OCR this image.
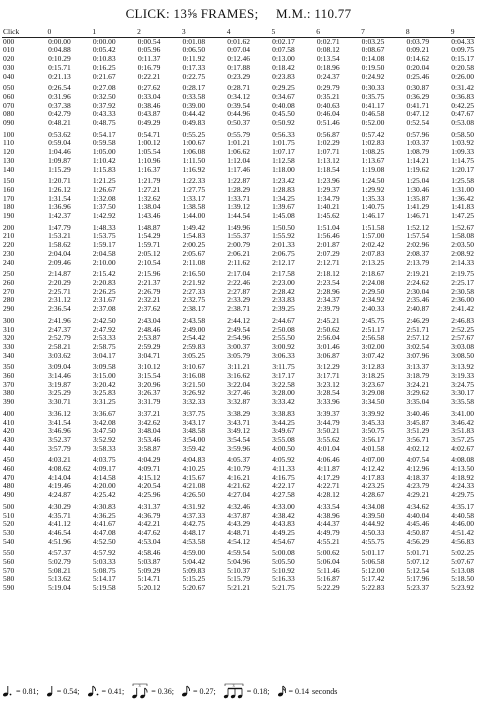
CLICK: 13⅝ FRAMES; M.M.: 110.77
Click	0	1	2	3	4	5	6	7	8	9
000	0:00.00	0:00.00	0:00.54	0:01.08	0:01.62	0:02.17	0:02.71	0:03.25	0:03.79	0:04.33
010	0:04.88	0:05.42	0:05.96	0:06.50	0:07.04	0:07.58	0:08.12	0:08.67	0:09.21	0:09.75
020	0:10.29	0:10.83	0:11.37	0:11.92	0:12.46	0:13.00	0:13.54	0:14.08	0:14.62	0:15.17
030	0:15.71	0:16.25	0:16.79	0:17.33	0:17.88	0:18.42	0:18.96	0:19.50	0:20.04	0:20.58
040	0:21.13	0:21.67	0:22.21	0:22.75	0:23.29	0:23.83	0:24.37	0:24.92	0:25.46	0:26.00
050	0:26.54	0:27.08	0:27.62	0:28.17	0:28.71	0:29.25	0:29.79	0:30.33	0:30.87	0:31.42
060	0:31.96	0:32.50	0:33.04	0:33.58	0:34.12	0:34.67	0:35.21	0:35.75	0:36.29	0:36.83
070	0:37.38	0:37.92	0:38.46	0:39.00	0:39.54	0:40.08	0:40.63	0:41.17	0:41.71	0:42.25
080	0:42.79	0:43.33	0:43.87	0:44.42	0:44.96	0:45.50	0:46.04	0:46.58	0:47.12	0:47.67
090	0:48.21	0:48.75	0:49.29	0:49.83	0:50.37	0:50.92	0:51.46	0:52.00	0:52.54	0:53.08
100	0:53.62	0:54.17	0:54.71	0:55.25	0:55.79	0:56.33	0:56.87	0:57.42	0:57.96	0:58.50
110	0:59.04	0:59.58	1:00.12	1:00.67	1:01.21	1:01.75	1:02.29	1:02.83	1:03.37	1:03.92
120	1:04.46	1:05.00	1:05.54	1:06.08	1:06.62	1:07.17	1:07.71	1:08.25	1:08.79	1:09.33
130	1:09.87	1:10.42	1:10.96	1:11.50	1:12.04	1:12.58	1:13.12	1:13.67	1:14.21	1:14.75
140	1:15.29	1:15.83	1:16.37	1:16.92	1:17.46	1:18.00	1:18.54	1:19.08	1:19.62	1:20.17
150	1:20.71	1:21.25	1:21.79	1:22.33	1:22.87	1:23.42	1:23.96	1:24.50	1:25.04	1:25.58
160	1:26.12	1:26.67	1:27.21	1:27.75	1:28.29	1:28.83	1:29.37	1:29.92	1:30.46	1:31.00
170	1:31.54	1:32.08	1:32.62	1:33.17	1:33.71	1:34.25	1:34.79	1:35.33	1:35.87	1:36.42
180	1:36.96	1:37.50	1:38.04	1:38.58	1:39.12	1:39.67	1:40.21	1:40.75	1:41.29	1:41.83
190	1:42.37	1:42.92	1:43.46	1:44.00	1:44.54	1:45.08	1:45.62	1:46.17	1:46.71	1:47.25
200	1:47.79	1:48.33	1:48.87	1:49.42	1:49.96	1:50.50	1:51.04	1:51.58	1:52.12	1:52.67
210	1:53.21	1:53.75	1:54.29	1:54.83	1:55.37	1:55.92	1:56.46	1:57.00	1:57.54	1:58.08
220	1:58.62	1:59.17	1:59.71	2:00.25	2:00.79	2:01.33	2:01.87	2:02.42	2:02.96	2:03.50
230	2:04.04	2:04.58	2:05.12	2:05.67	2:06.21	2:06.75	2:07.29	2:07.83	2:08.37	2:08.92
240	2:09.46	2:10.00	2:10.54	2:11.08	2:11.62	2:12.17	2:12.71	2:13.25	2:13.79	2:14.33
250	2:14.87	2:15.42	2:15.96	2:16.50	2:17.04	2:17.58	2:18.12	2:18.67	2:19.21	2:19.75
260	2:20.29	2:20.83	2:21.37	2:21.92	2:22.46	2:23.00	2:23.54	2:24.08	2:24.62	2:25.17
270	2:25.71	2:26.25	2:26.79	2:27.33	2:27.87	2:28.42	2:28.96	2:29.50	2:30.04	2:30.58
280	2:31.12	2:31.67	2:32.21	2:32.75	2:33.29	2:33.83	2:34.37	2:34.92	2:35.46	2:36.00
290	2:36.54	2:37.08	2:37.62	2:38.17	2:38.71	2:39.25	2:39.79	2:40.33	2:40.87	2:41.42
300	2:41.96	2:42.50	2:43.04	2:43.58	2:44.12	2:44.67	2:45.21	2:45.75	2:46.29	2:46.83
310	2:47.37	2:47.92	2:48.46	2:49.00	2:49.54	2:50.08	2:50.62	2:51.17	2:51.71	2:52.25
320	2:52.79	2:53.33	2:53.87	2:54.42	2:54.96	2:55.50	2:56.04	2:56.58	2:57.12	2:57.67
330	2:58.21	2:58.75	2:59.29	2:59.83	3:00.37	3:00.92	3:01.46	3:02.00	3:02.54	3:03.08
340	3:03.62	3:04.17	3:04.71	3:05.25	3:05.79	3:06.33	3:06.87	3:07.42	3:07.96	3:08.50
350	3:09.04	3:09.58	3:10.12	3:10.67	3:11.21	3:11.75	3:12.29	3:12.83	3:13.37	3:13.92
360	3:14.46	3:15.00	3:15.54	3:16.08	3:16.62	3:17.17	3:17.71	3:18.25	3:18.79	3:19.33
370	3:19.87	3:20.42	3:20.96	3:21.50	3:22.04	3:22.58	3:23.12	3:23.67	3:24.21	3:24.75
380	3:25.29	3:25.83	3:26.37	3:26.92	3:27.46	3:28.00	3:28.54	3:29.08	3:29.62	3:30.17
390	3:30.71	3:31.25	3:31.79	3:32.33	3:32.87	3:33.42	3:33.96	3:34.50	3:35.04	3:35.58
400	3:36.12	3:36.67	3:37.21	3:37.75	3:38.29	3:38.83	3:39.37	3:39.92	3:40.46	3:41.00
410	3:41.54	3:42.08	3:42.62	3:43.17	3:43.71	3:44.25	3:44.79	3:45.33	3:45.87	3:46.42
420	3:46.96	3:47.50	3:48.04	3:48.58	3:49.12	3:49.67	3:50.21	3:50.75	3:51.29	3:51.83
430	3:52.37	3:52.92	3:53.46	3:54.00	3:54.54	3:55.08	3:55.62	3:56.17	3:56.71	3:57.25
440	3:57.79	3:58.33	3:58.87	3:59.42	3:59.96	4:00.50	4:01.04	4:01.58	4:02.12	4:02.67
450	4:03.21	4:03.75	4:04.29	4:04.83	4:05.37	4:05.92	4:06.46	4:07.00	4:07.54	4:08.08
460	4:08.62	4:09.17	4:09.71	4:10.25	4:10.79	4:11.33	4:11.87	4:12.42	4:12.96	4:13.50
470	4:14.04	4:14.58	4:15.12	4:15.67	4:16.21	4:16.75	4:17.29	4:17.83	4:18.37	4:18.92
480	4:19.46	4:20.00	4:20.54	4:21.08	4:21.62	4:22.17	4:22.71	4:23.25	4:23.79	4:24.33
490	4:24.87	4:25.42	4:25.96	4:26.50	4:27.04	4:27.58	4:28.12	4:28.67	4:29.21	4:29.75
500	4:30.29	4:30.83	4:31.37	4:31.92	4:32.46	4:33.00	4:33.54	4:34.08	4:34.62	4:35.17
510	4:35.71	4:36.25	4:36.79	4:37.33	4:37.87	4:38.42	4:38.96	4:39.50	4:40.04	4:40.58
520	4:41.12	4:41.67	4:42.21	4:42.75	4:43.29	4:43.83	4:44.37	4:44.92	4:45.46	4:46.00
530	4:46.54	4:47.08	4:47.62	4:48.17	4:48.71	4:49.25	4:49.79	4:50.33	4:50.87	4:51.42
540	4:51.96	4:52.50	4:53.04	4:53.58	4:54.12	4:54.67	4:55.21	4:55.75	4:56.29	4:56.83
550	4:57.37	4:57.92	4:58.46	4:59.00	4:59.54	5:00.08	5:00.62	5:01.17	5:01.71	5:02.25
560	5:02.79	5:03.33	5:03.87	5:04.42	5:04.96	5:05.50	5:06.04	5:06.58	5:07.12	5:07.67
570	5:08.21	5:08.75	5:09.29	5:09.83	5:10.37	5:10.92	5:11.46	5:12.00	5:12.54	5:13.08
580	5:13.62	5:14.17	5:14.71	5:15.25	5:15.79	5:16.33	5:16.87	5:17.42	5:17.96	5:18.50
590	5:19.04	5:19.58	5:20.12	5:20.67	5:21.21	5:21.75	5:22.29	5:22.83	5:23.37	5:23.92
= 0.81; = 0.54;	= 0.41;
3
= 0.36; = 0.27;
3
= 0.18; = 0.14 seconds
